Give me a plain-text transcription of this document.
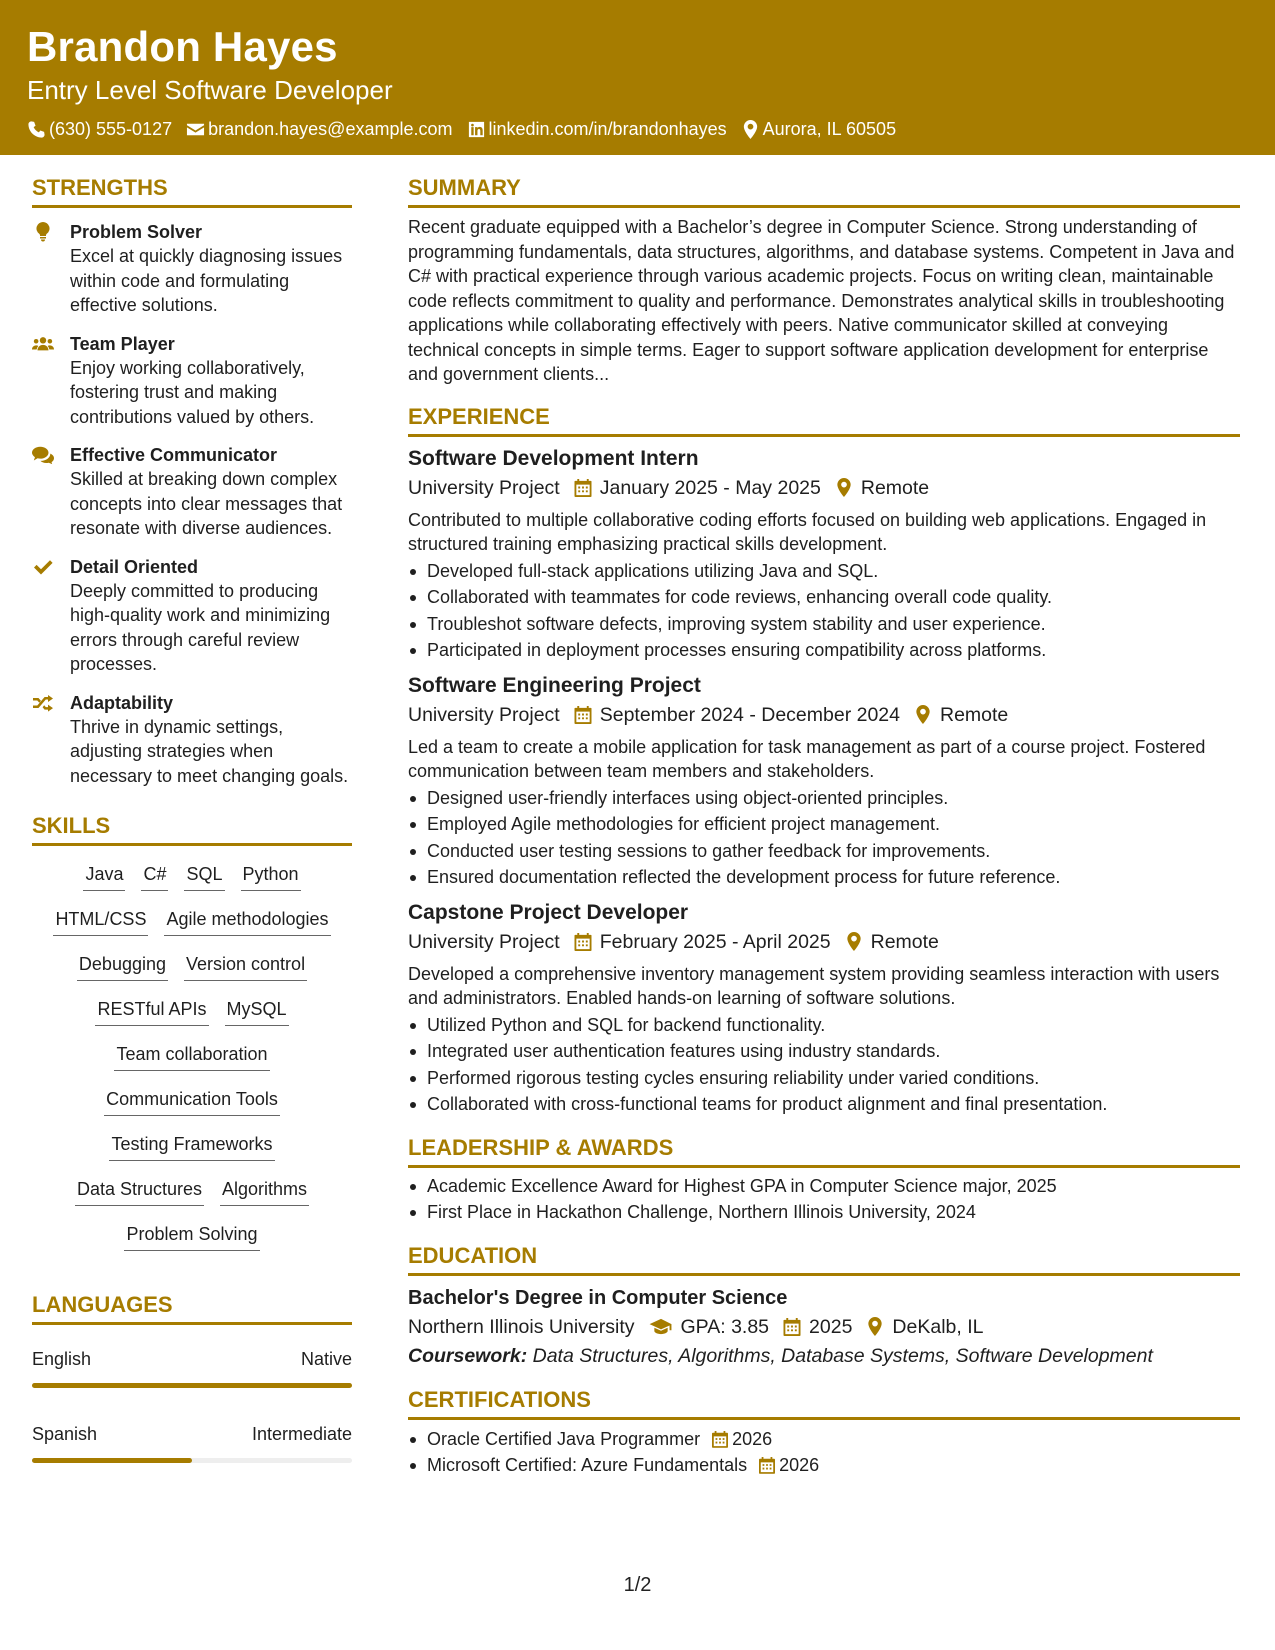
Brandon Hayes
Entry Level Software Developer
(630) 555-0127 brandon.hayes@example.com linkedin.com/in/brandonhayes Aurora, IL 60505
STRENGTHS
Problem Solver
Excel at quickly diagnosing issues within code and formulating effective solutions.
Team Player
Enjoy working collaboratively, fostering trust and making contributions valued by others.
Effective Communicator
Skilled at breaking down complex concepts into clear messages that resonate with diverse audiences.
Detail Oriented
Deeply committed to producing high-quality work and minimizing errors through careful review processes.
Adaptability
Thrive in dynamic settings, adjusting strategies when necessary to meet changing goals.
SKILLS
Java C# SQL Python
HTML/CSS Agile methodologies
Debugging Version control
RESTful APIs MySQL
Team collaboration
Communication Tools
Testing Frameworks
Data Structures Algorithms
Problem Solving
LANGUAGES
English	Native
Spanish	Intermediate
SUMMARY
Recent graduate equipped with a Bachelor’s degree in Computer Science. Strong understanding of programming fundamentals, data structures, algorithms, and database systems. Competent in Java and C# with practical experience through various academic projects. Focus on writing clean, maintainable code reflects commitment to quality and performance. Demonstrates analytical skills in troubleshooting applications while collaborating effectively with peers. Native communicator skilled at conveying technical concepts in simple terms. Eager to support software application development for enterprise and government clients...
EXPERIENCE
Software Development Intern
University Project January 2025 - May 2025 Remote
Contributed to multiple collaborative coding efforts focused on building web applications. Engaged in structured training emphasizing practical skills development.
Developed full-stack applications utilizing Java and SQL.
Collaborated with teammates for code reviews, enhancing overall code quality.
Troubleshot software defects, improving system stability and user experience.
Participated in deployment processes ensuring compatibility across platforms.
Software Engineering Project
University Project September 2024 - December 2024 Remote
Led a team to create a mobile application for task management as part of a course project. Fostered communication between team members and stakeholders.
Designed user-friendly interfaces using object-oriented principles.
Employed Agile methodologies for efficient project management.
Conducted user testing sessions to gather feedback for improvements.
Ensured documentation reflected the development process for future reference.
Capstone Project Developer
University Project February 2025 - April 2025 Remote
Developed a comprehensive inventory management system providing seamless interaction with users and administrators. Enabled hands-on learning of software solutions.
Utilized Python and SQL for backend functionality.
Integrated user authentication features using industry standards.
Performed rigorous testing cycles ensuring reliability under varied conditions.
Collaborated with cross-functional teams for product alignment and final presentation.
LEADERSHIP & AWARDS
Academic Excellence Award for Highest GPA in Computer Science major, 2025
First Place in Hackathon Challenge, Northern Illinois University, 2024
EDUCATION
Bachelor's Degree in Computer Science
Northern Illinois University GPA: 3.85 2025 DeKalb, IL
Coursework: Data Structures, Algorithms, Database Systems, Software Development
CERTIFICATIONS
Oracle Certified Java Programmer 2026
Microsoft Certified: Azure Fundamentals 2026
1/2
